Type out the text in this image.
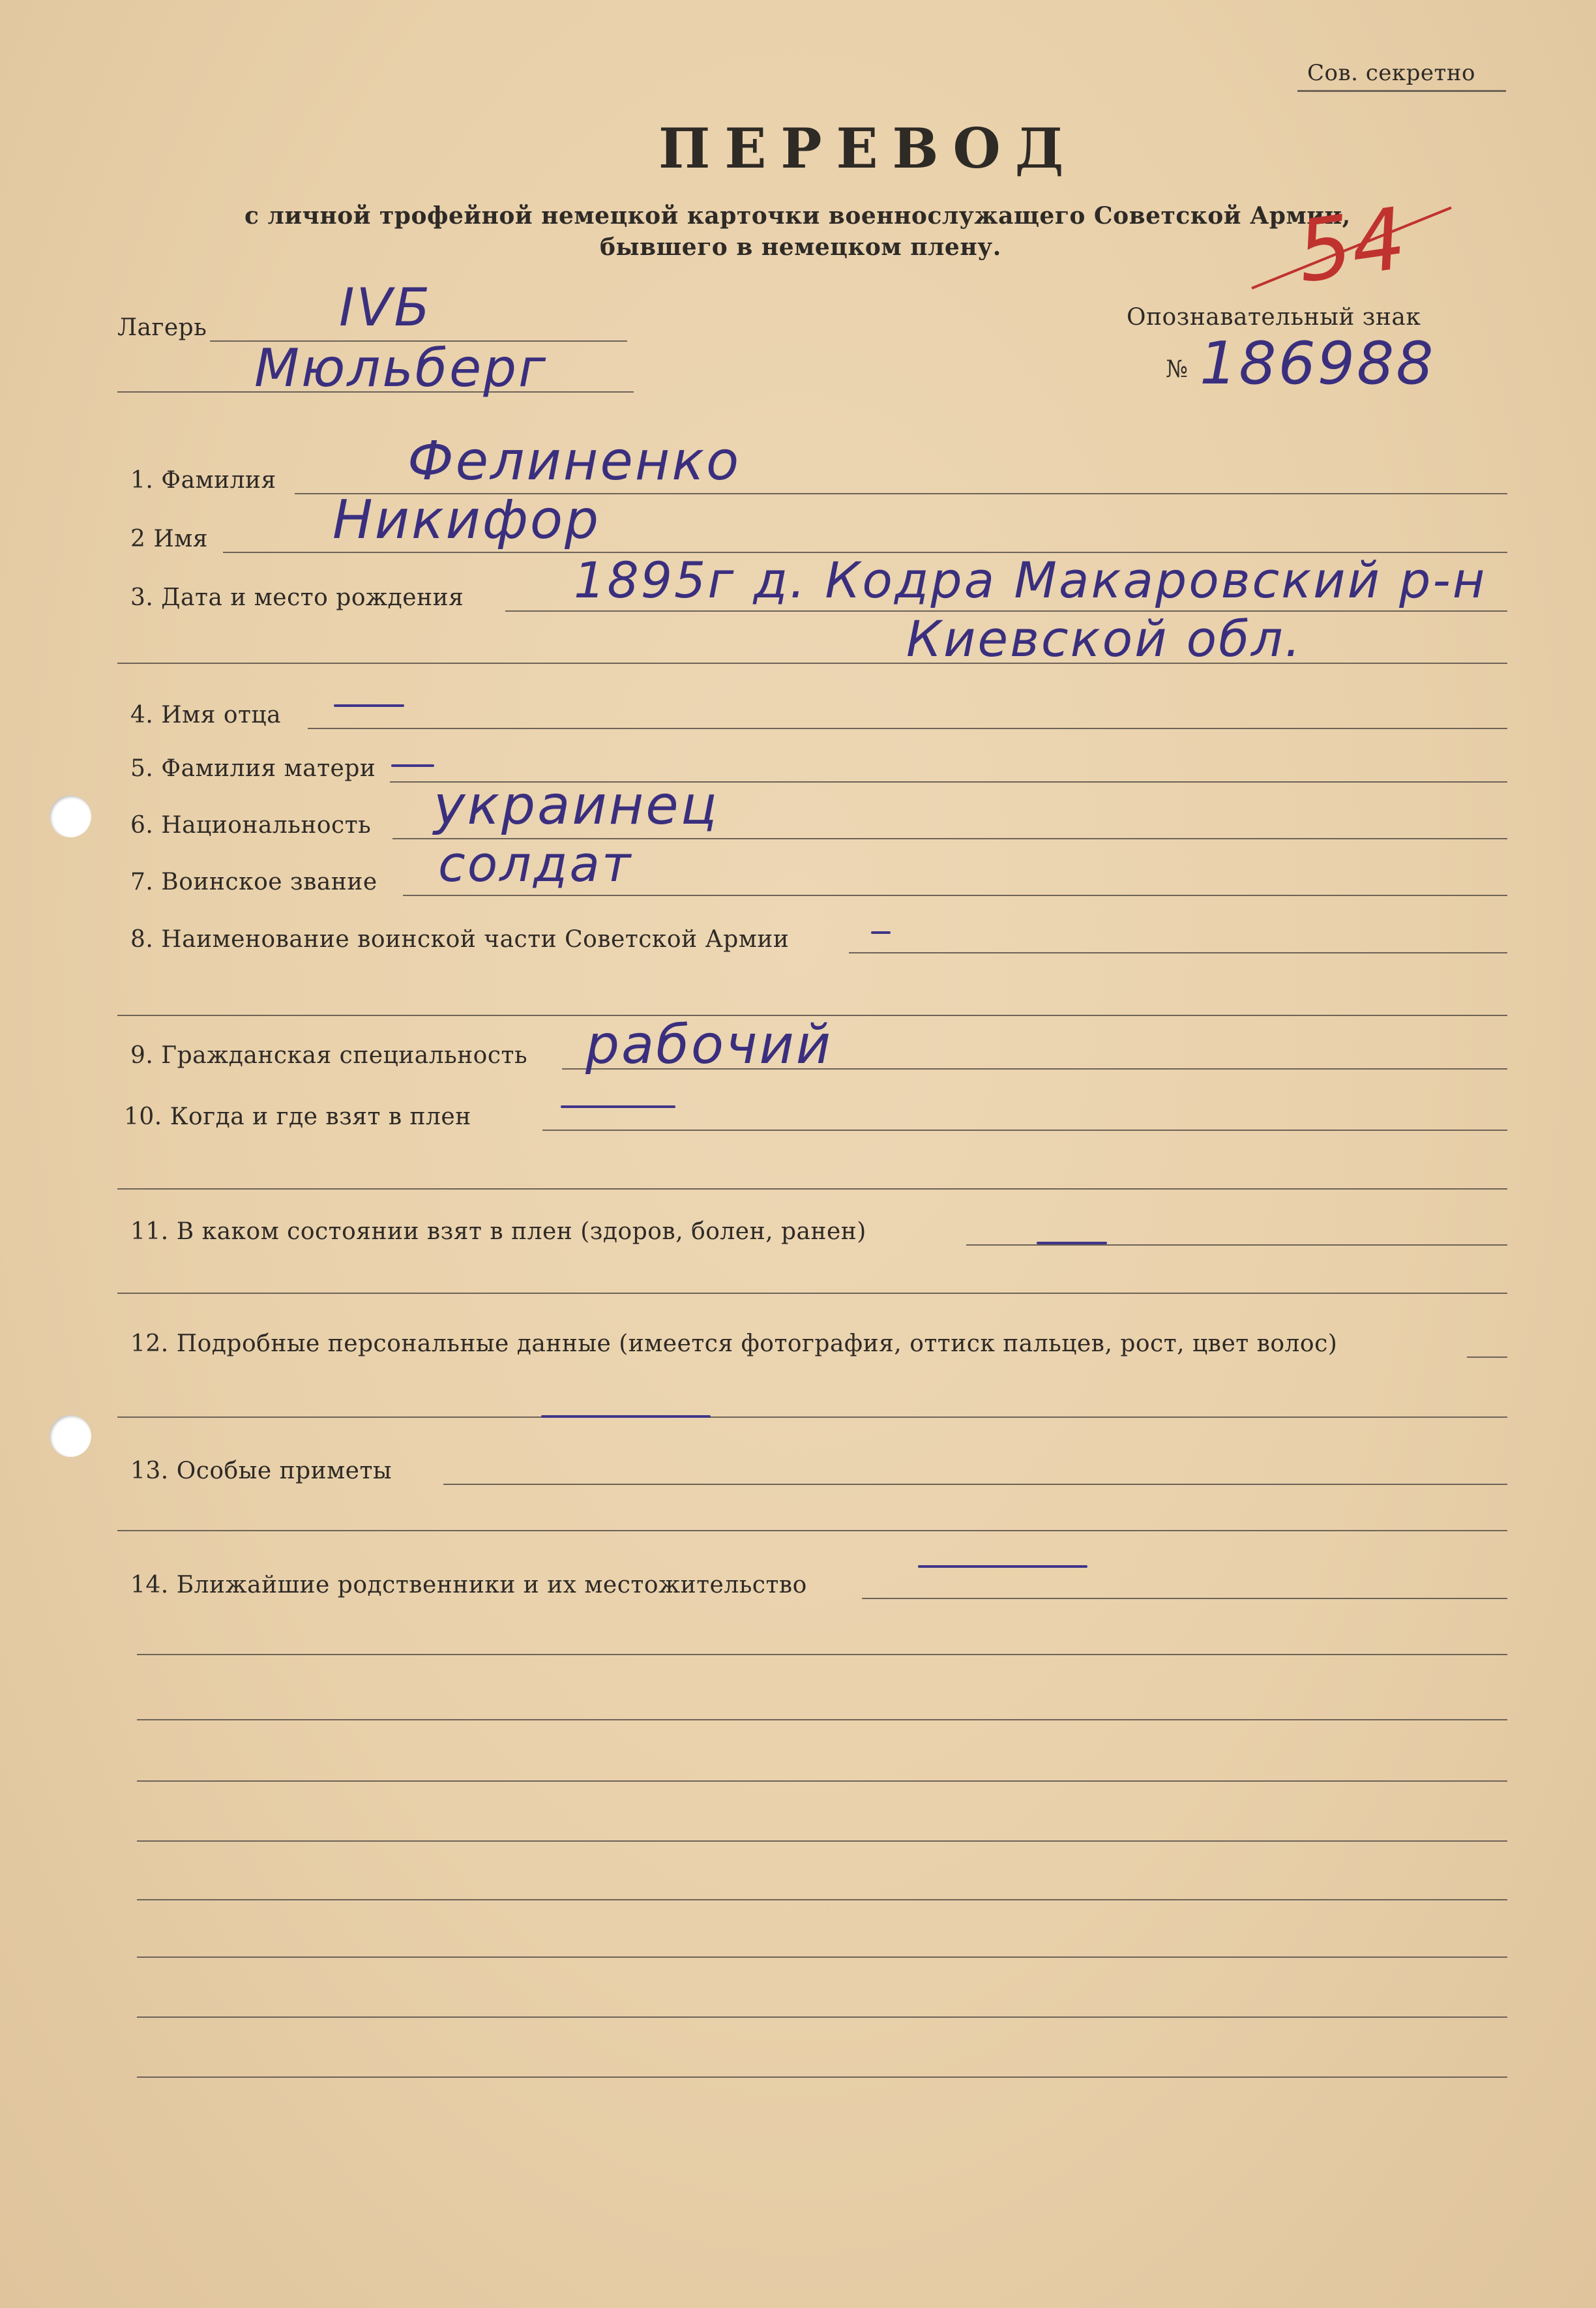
Сов. секретно
ПЕРЕВОД
с личной трофейной немецкой карточки военнослужащего Советской Армии,
бывшего в немецком плену.	54
Лагерь	IVБ
Мюльберг
Опознавательный знак
№ 186988
1. Фамилия Фелиненко
2 Имя Никифор
3. Дата и место рождения 1895г д. Кодра Макаровский р-н
Киевской обл.
4. Имя отца
5. Фамилия матери
6. Национальность украинец
7. Воинское звание солдат
8. Наименование воинской части Советской Армии
9. Гражданская специальность рабочий
10. Когда и где взят в плен
11. В каком состоянии взят в плен (здоров, болен, ранен)
12. Подробные персональные данные (имеется фотография, оттиск пальцев, рост, цвет волос)
13. Особые приметы
14. Ближайшие родственники и их местожительство
